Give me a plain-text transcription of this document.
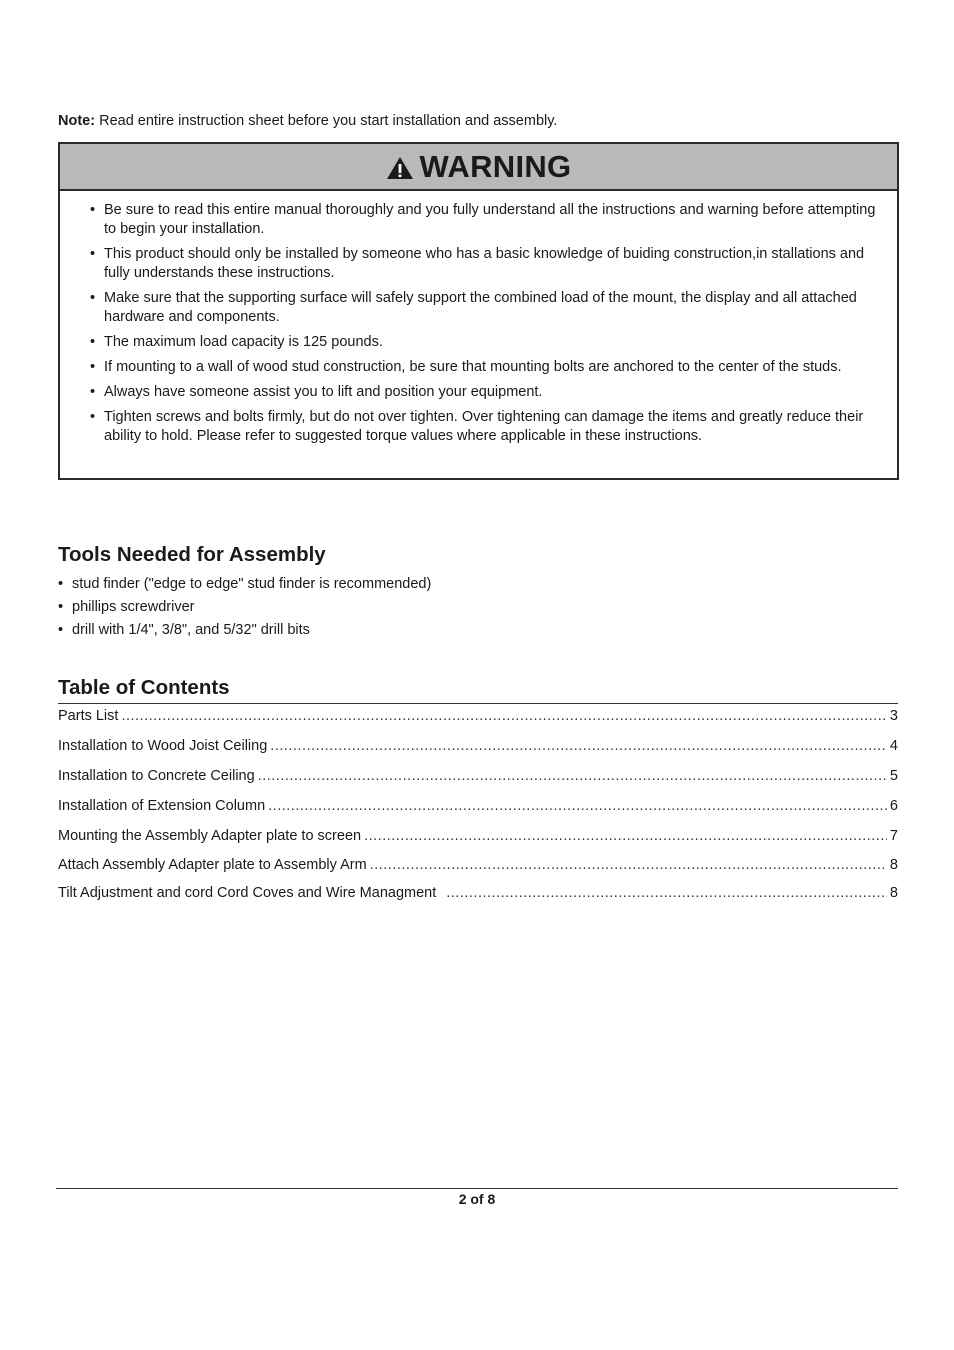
Note: Read entire instruction sheet before you start installation and assembly.
WARNING
• Be sure to read this entire manual thoroughly and you fully understand all the instructions and warning before attempting to begin your installation.
• This product should only be installed by someone who has a basic knowledge of buiding construction,in stallations and fully understands these instructions.
• Make sure that the supporting surface will safely support the combined load of the mount, the display and all attached hardware and components.
• The maximum load capacity is 125 pounds.
• If mounting to a wall of wood stud construction, be sure that mounting bolts are anchored to the center of the studs.
• Always have someone assist you to lift and position your equipment.
• Tighten screws and bolts firmly, but do not over tighten. Over tightening can damage the items and greatly reduce their ability to hold. Please refer to suggested torque values where applicable in these instructions.
Tools Needed for Assembly
• stud finder ("edge to edge" stud finder is recommended)
• phillips screwdriver
• drill with 1/4", 3/8", and 5/32" drill bits
Table of Contents
Parts List .....	3
Installation to Wood Joist Ceiling .....	4
Installation to Concrete Ceiling .....	5
Installation of Extension Column .....	6
Mounting the Assembly Adapter plate to screen .....	7
Attach Assembly Adapter plate to Assembly Arm .....	8
Tilt Adjustment and cord Cord Coves and Wire Managment .....	8
2 of 8
